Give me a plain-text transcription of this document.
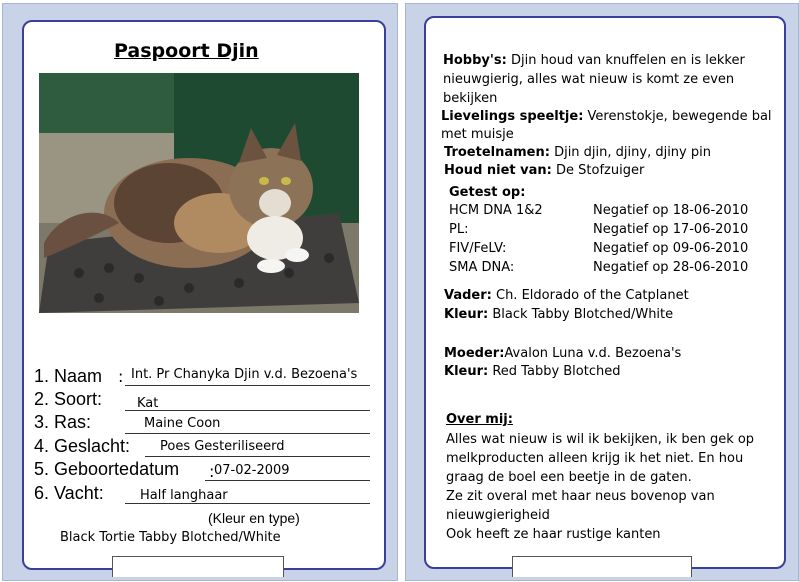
Paspoort Djin
1. Naam : Int. Pr Chanyka Djin v.d. Bezoena's
2. Soort:	Kat
3. Ras:	Maine Coon
4. Geslacht: Poes Gesteriliseerd
5. Geboortedatum : 07-02-2009
6. Vacht:	Half langhaar
(Kleur en type)
Black Tortie Tabby Blotched/White
Hobby's: Djin houd van knuffelen en is lekker
nieuwgierig, alles wat nieuw is komt ze even
bekijken
Lievelings speeltje: Verenstokje, bewegende bal
met muisje
Troetelnamen: Djin djin, djiny, djiny pin
Houd niet van: De Stofzuiger
Getest op:
HCM DNA 1&2	Negatief op 18-06-2010
PL:	Negatief op 17-06-2010
FIV/FeLV:	Negatief op 09-06-2010
SMA DNA:	Negatief op 28-06-2010
Vader: Ch. Eldorado of the Catplanet
Kleur: Black Tabby Blotched/White
Moeder:Avalon Luna v.d. Bezoena's
Kleur: Red Tabby Blotched
Over mij:
Alles wat nieuw is wil ik bekijken, ik ben gek op
melkproducten alleen krijg ik het niet. En hou
graag de boel een beetje in de gaten.
Ze zit overal met haar neus bovenop van
nieuwgierigheid
Ook heeft ze haar rustige kanten
